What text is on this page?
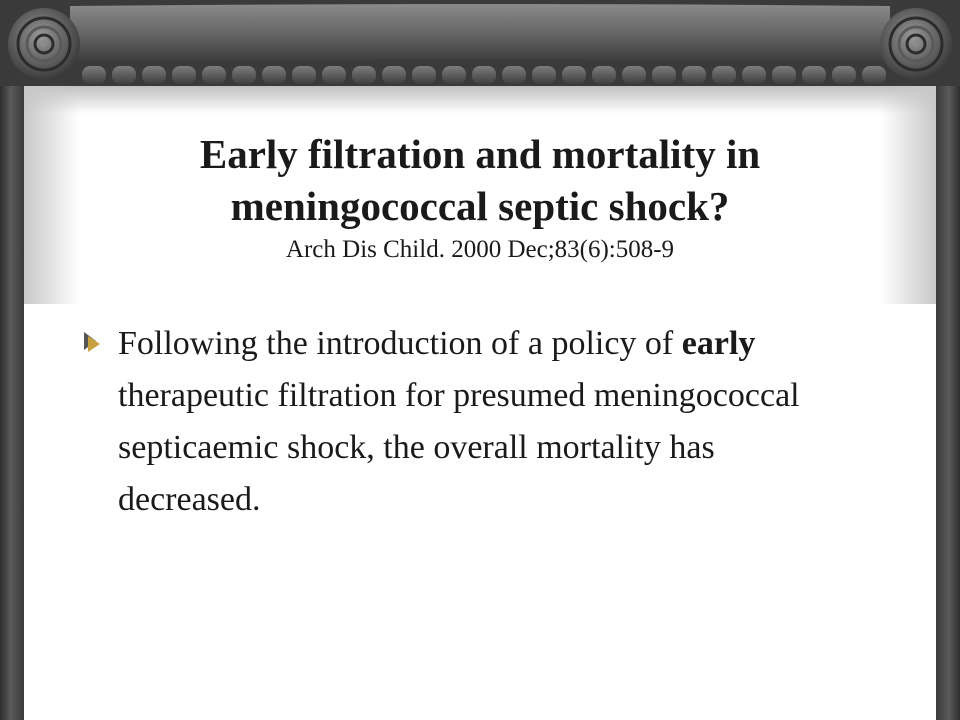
Early filtration and mortality in
meningococcal septic shock?
Arch Dis Child. 2000 Dec;83(6):508-9
Following the introduction of a policy of early therapeutic filtration for presumed meningococcal septicaemic shock, the overall mortality has decreased.
